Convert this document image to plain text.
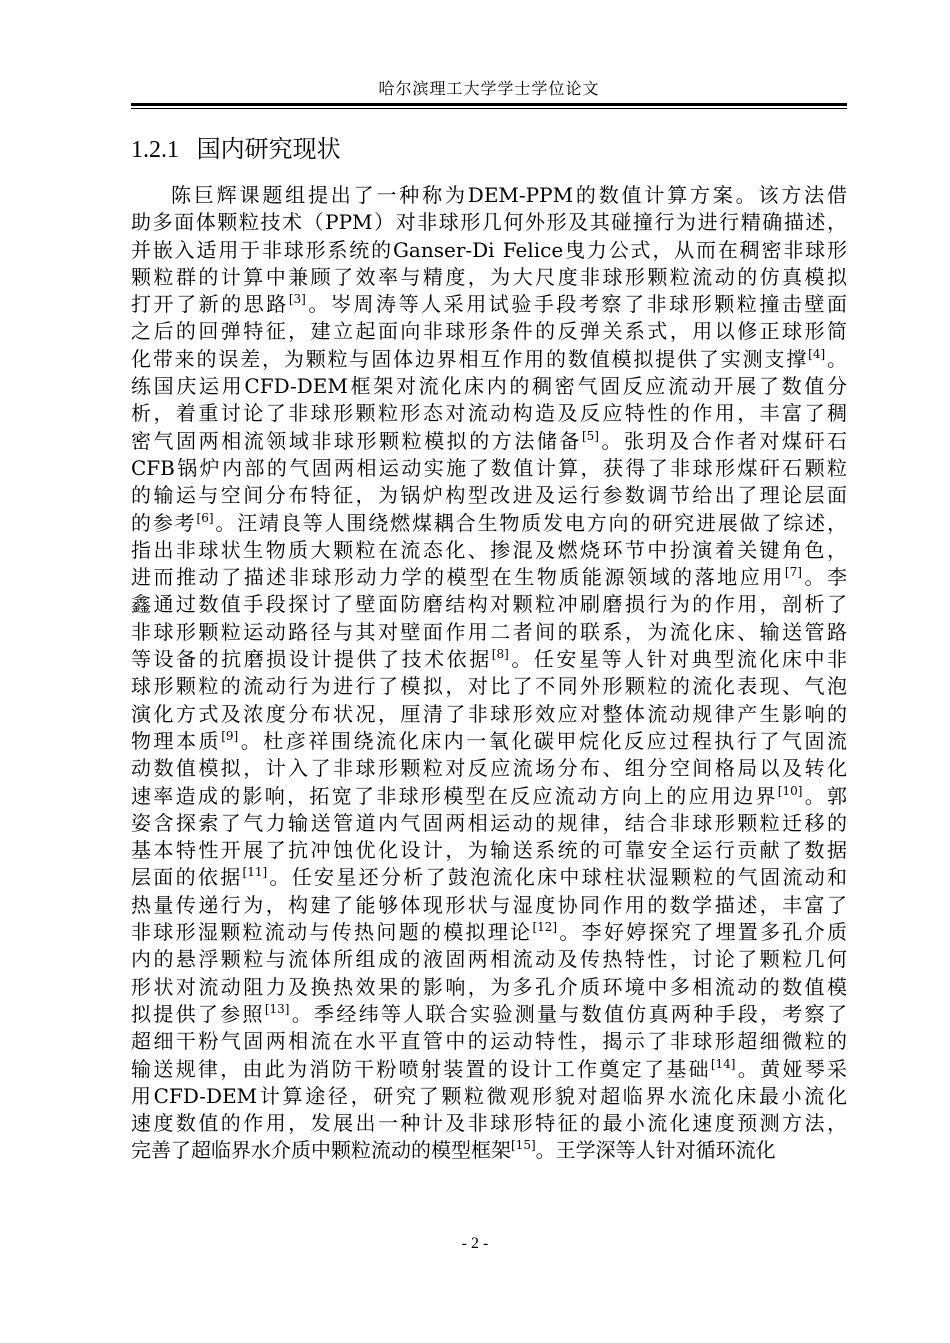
哈尔滨理工大学学士学位论文
1.2.1 国内研究现状
陈巨辉课题组提出了一种称为DEM-PPM的数值计算方案。该方法借
助多面体颗粒技术（PPM）对非球形几何外形及其碰撞行为进行精确描述，
并嵌入适用于非球形系统的Ganser-Di Felice曳力公式，从而在稠密非球形
颗粒群的计算中兼顾了效率与精度，为大尺度非球形颗粒流动的仿真模拟
打开了新的思路[3]。岑周涛等人采用试验手段考察了非球形颗粒撞击壁面
之后的回弹特征，建立起面向非球形条件的反弹关系式，用以修正球形简
化带来的误差，为颗粒与固体边界相互作用的数值模拟提供了实测支撑[4]。
练国庆运用CFD-DEM框架对流化床内的稠密气固反应流动开展了数值分
析，着重讨论了非球形颗粒形态对流动构造及反应特性的作用，丰富了稠
密气固两相流领域非球形颗粒模拟的方法储备[5]。张玥及合作者对煤矸石
CFB锅炉内部的气固两相运动实施了数值计算，获得了非球形煤矸石颗粒
的输运与空间分布特征，为锅炉构型改进及运行参数调节给出了理论层面
的参考[6]。汪靖良等人围绕燃煤耦合生物质发电方向的研究进展做了综述，
指出非球状生物质大颗粒在流态化、掺混及燃烧环节中扮演着关键角色，
进而推动了描述非球形动力学的模型在生物质能源领域的落地应用[7]。李
鑫通过数值手段探讨了壁面防磨结构对颗粒冲刷磨损行为的作用，剖析了
非球形颗粒运动路径与其对壁面作用二者间的联系，为流化床、输送管路
等设备的抗磨损设计提供了技术依据[8]。任安星等人针对典型流化床中非
球形颗粒的流动行为进行了模拟，对比了不同外形颗粒的流化表现、气泡
演化方式及浓度分布状况，厘清了非球形效应对整体流动规律产生影响的
物理本质[9]。杜彦祥围绕流化床内一氧化碳甲烷化反应过程执行了气固流
动数值模拟，计入了非球形颗粒对反应流场分布、组分空间格局以及转化
速率造成的影响，拓宽了非球形模型在反应流动方向上的应用边界[10]。郭
姿含探索了气力输送管道内气固两相运动的规律，结合非球形颗粒迁移的
基本特性开展了抗冲蚀优化设计，为输送系统的可靠安全运行贡献了数据
层面的依据[11]。任安星还分析了鼓泡流化床中球柱状湿颗粒的气固流动和
热量传递行为，构建了能够体现形状与湿度协同作用的数学描述，丰富了
非球形湿颗粒流动与传热问题的模拟理论[12]。李好婷探究了埋置多孔介质
内的悬浮颗粒与流体所组成的液固两相流动及传热特性，讨论了颗粒几何
形状对流动阻力及换热效果的影响，为多孔介质环境中多相流动的数值模
拟提供了参照[13]。季经纬等人联合实验测量与数值仿真两种手段，考察了
超细干粉气固两相流在水平直管中的运动特性，揭示了非球形超细微粒的
输送规律，由此为消防干粉喷射装置的设计工作奠定了基础[14]。黄娅琴采
用CFD-DEM计算途径，研究了颗粒微观形貌对超临界水流化床最小流化
速度数值的作用，发展出一种计及非球形特征的最小流化速度预测方法，
完善了超临界水介质中颗粒流动的模型框架[15]。王学深等人针对循环流化
- 2 -
